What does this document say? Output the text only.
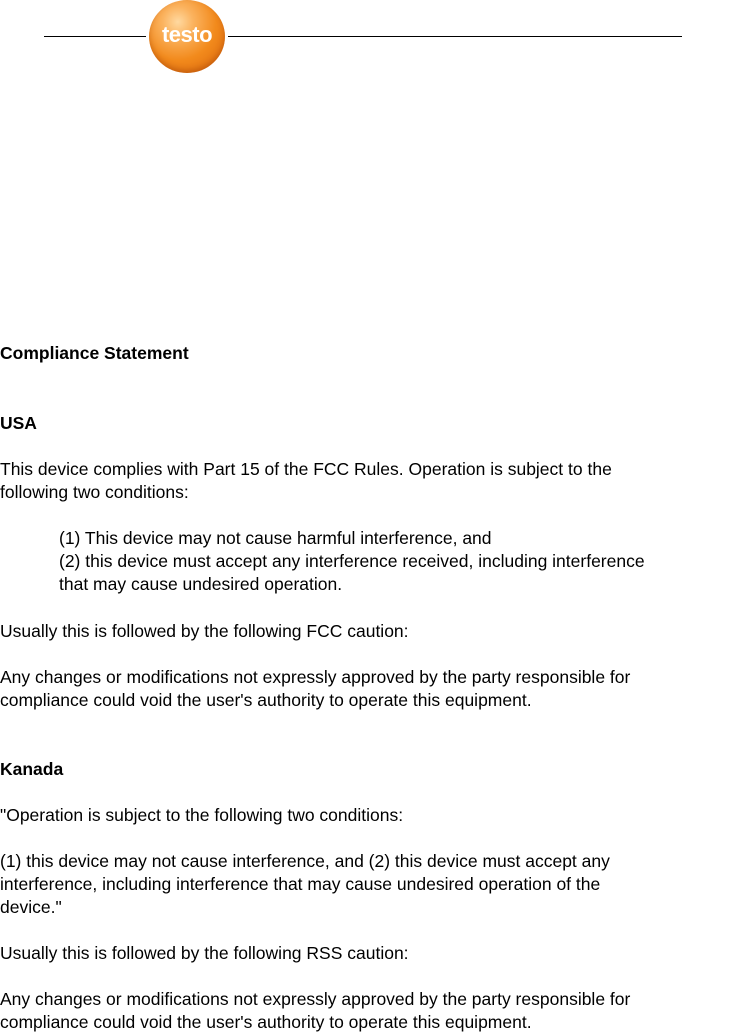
testo

Compliance Statement

USA

This device complies with Part 15 of the FCC Rules. Operation is subject to the

following two conditions:

(1) This device may not cause harmful interference, and

(2) this device must accept any interference received, including interference

that may cause undesired operation.

Usually this is followed by the following FCC caution:

Any changes or modifications not expressly approved by the party responsible for

compliance could void the user's authority to operate this equipment.

Kanada

"Operation is subject to the following two conditions:

(1) this device may not cause interference, and (2) this device must accept any

interference, including interference that may cause undesired operation of the

device."

Usually this is followed by the following RSS caution:

Any changes or modifications not expressly approved by the party responsible for

compliance could void the user's authority to operate this equipment.
